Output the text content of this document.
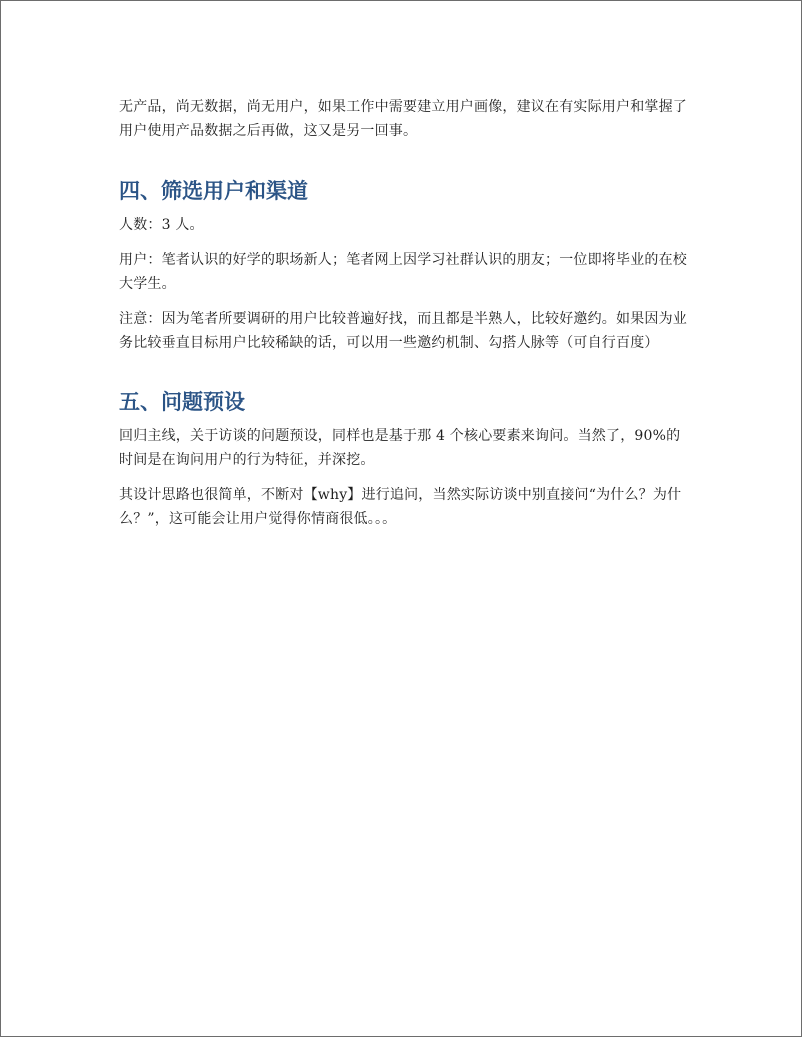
无产品，尚无数据，尚无用户，如果工作中需要建立用户画像，建议在有实际用户和掌握了用户使用产品数据之后再做，这又是另一回事。

四、筛选用户和渠道

人数：3 人。

用户：笔者认识的好学的职场新人；笔者网上因学习社群认识的朋友；一位即将毕业的在校大学生。

注意：因为笔者所要调研的用户比较普遍好找，而且都是半熟人，比较好邀约。如果因为业务比较垂直目标用户比较稀缺的话，可以用一些邀约机制、勾搭人脉等（可自行百度）

五、问题预设

回归主线，关于访谈的问题预设，同样也是基于那 4 个核心要素来询问。当然了，90%的时间是在询问用户的行为特征，并深挖。

其设计思路也很简单，不断对【why】进行追问，当然实际访谈中别直接问“为什么？为什么？”，这可能会让用户觉得你情商很低。。。
